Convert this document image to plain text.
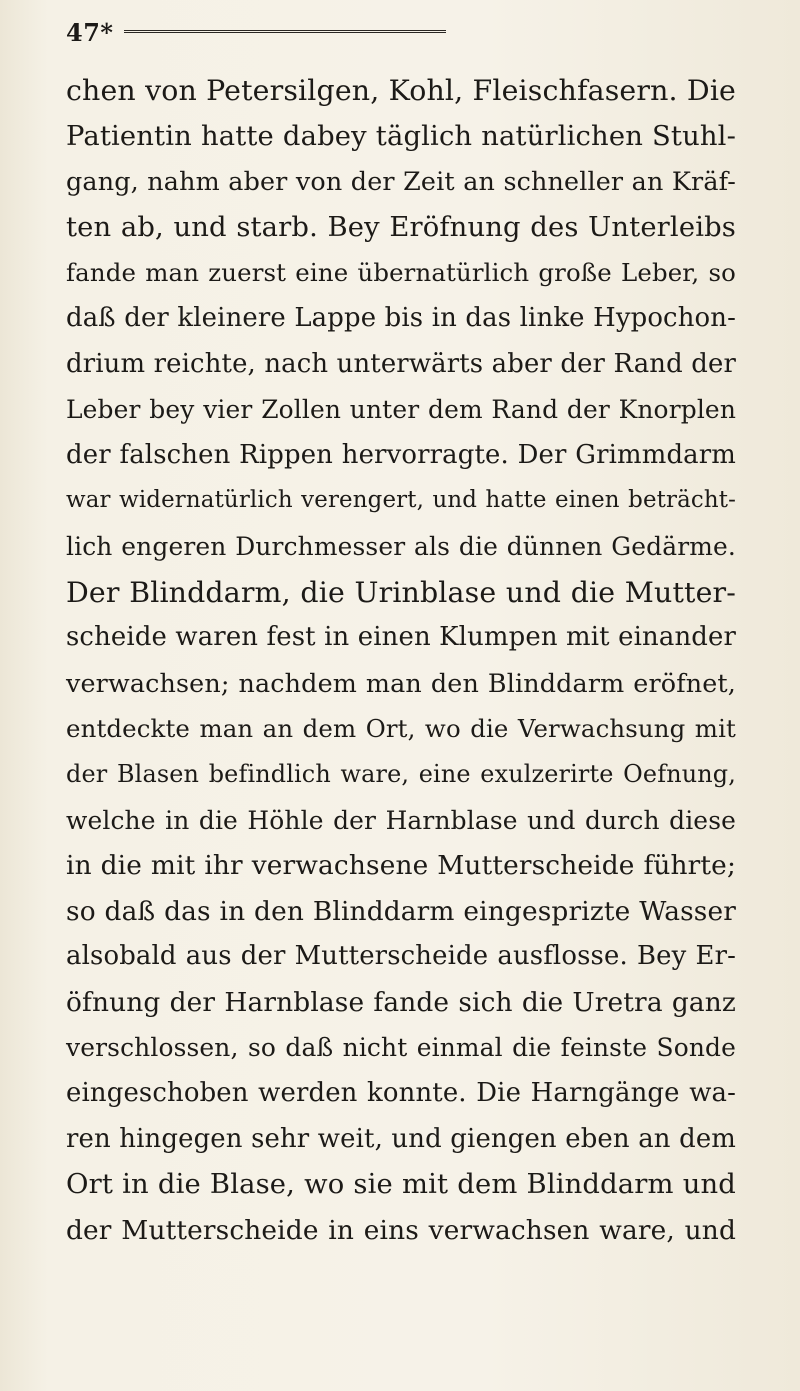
47*
chen von Petersilgen, Kohl, Fleischfasern. Die
Patientin hatte dabey täglich natürlichen Stuhl-
gang, nahm aber von der Zeit an schneller an Kräf-
ten ab, und starb. Bey Eröfnung des Unterleibs
fande man zuerst eine übernatürlich große Leber, so
daß der kleinere Lappe bis in das linke Hypochon-
drium reichte, nach unterwärts aber der Rand der
Leber bey vier Zollen unter dem Rand der Knorplen
der falschen Rippen hervorragte. Der Grimmdarm
war widernatürlich verengert, und hatte einen beträcht-
lich engeren Durchmesser als die dünnen Gedärme.
Der Blinddarm, die Urinblase und die Mutter-
scheide waren fest in einen Klumpen mit einander
verwachsen; nachdem man den Blinddarm eröfnet,
entdeckte man an dem Ort, wo die Verwachsung mit
der Blasen befindlich ware, eine exulzerirte Oefnung,
welche in die Höhle der Harnblase und durch diese
in die mit ihr verwachsene Mutterscheide führte;
so daß das in den Blinddarm eingesprizte Wasser
alsobald aus der Mutterscheide ausflosse. Bey Er-
öfnung der Harnblase fande sich die Uretra ganz
verschlossen, so daß nicht einmal die feinste Sonde
eingeschoben werden konnte. Die Harngänge wa-
ren hingegen sehr weit, und giengen eben an dem
Ort in die Blase, wo sie mit dem Blinddarm und
der Mutterscheide in eins verwachsen ware, und
